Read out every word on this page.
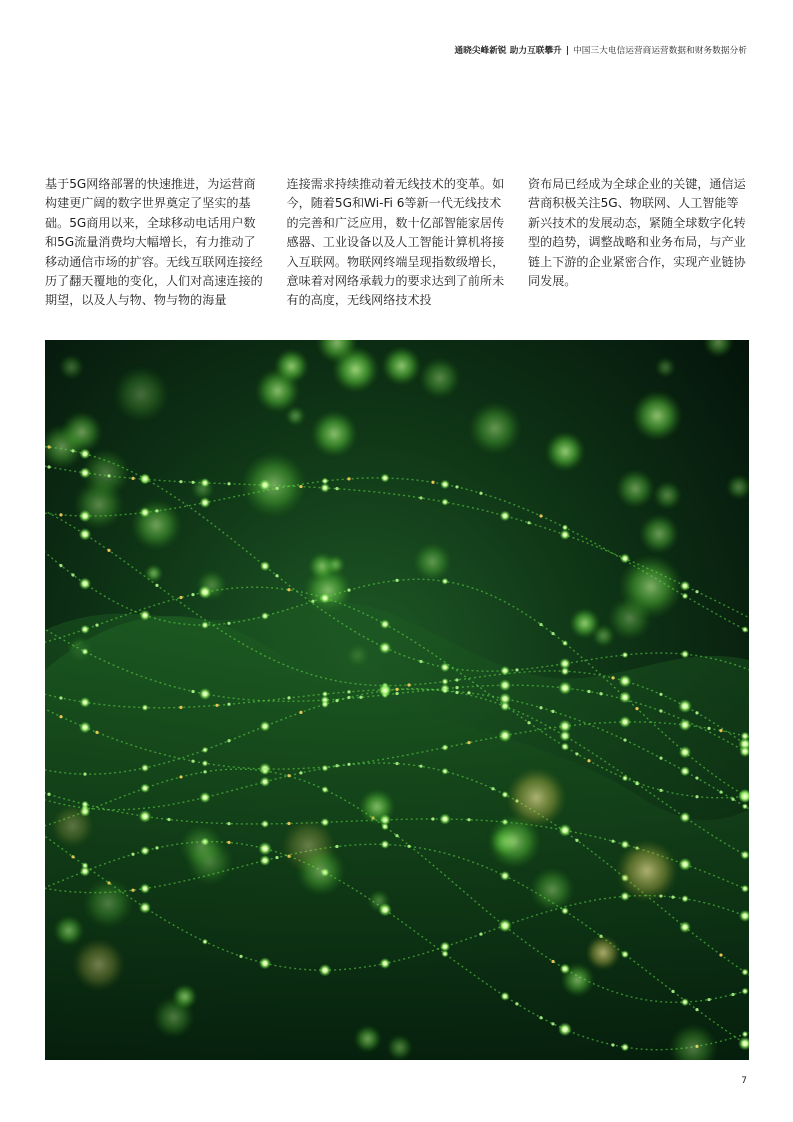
通晓尖峰新锐 助力互联攀升 | 中国三大电信运营商运营数据和财务数据分析

基于5G网络部署的快速推进，为运营商构建更广阔的数字世界奠定了坚实的基础。5G商用以来，全球移动电话用户数和5G流量消费均大幅增长，有力推动了移动通信市场的扩容。无线互联网连接经历了翻天覆地的变化，人们对高速连接的期望，以及人与物、物与物的海量

连接需求持续推动着无线技术的变革。如今，随着5G和Wi-Fi 6等新一代无线技术的完善和广泛应用，数十亿部智能家居传感器、工业设备以及人工智能计算机将接入互联网。物联网终端呈现指数级增长，意味着对网络承载力的要求达到了前所未有的高度，无线网络技术投

资布局已经成为全球企业的关键，通信运营商积极关注5G、物联网、人工智能等新兴技术的发展动态，紧随全球数字化转型的趋势，调整战略和业务布局，与产业链上下游的企业紧密合作，实现产业链协同发展。

7
